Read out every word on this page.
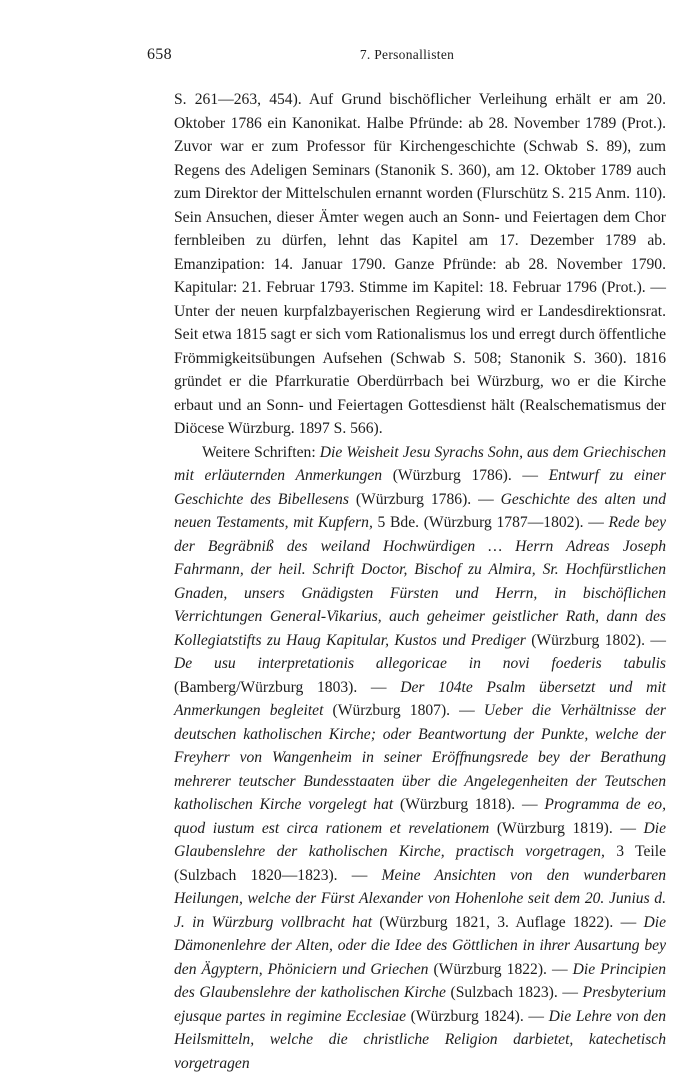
658	7. Personallisten

S. 261—263, 454). Auf Grund bischöflicher Verleihung erhält er am 20. Oktober 1786 ein Kanonikat. Halbe Pfründe: ab 28. November 1789 (Prot.). Zuvor war er zum Professor für Kirchengeschichte (Schwab S. 89), zum Regens des Adeligen Seminars (Stanonik S. 360), am 12. Oktober 1789 auch zum Direktor der Mittelschulen ernannt worden (Flurschütz S. 215 Anm. 110). Sein Ansuchen, dieser Ämter wegen auch an Sonn- und Feiertagen dem Chor fernbleiben zu dürfen, lehnt das Kapitel am 17. Dezember 1789 ab. Emanzipation: 14. Januar 1790. Ganze Pfründe: ab 28. November 1790. Kapitular: 21. Februar 1793. Stimme im Kapitel: 18. Februar 1796 (Prot.). — Unter der neuen kurpfalzbayerischen Regierung wird er Landesdirektionsrat. Seit etwa 1815 sagt er sich vom Rationalismus los und erregt durch öffentliche Frömmigkeitsübungen Aufsehen (Schwab S. 508; Stanonik S. 360). 1816 gründet er die Pfarrkuratie Oberdürrbach bei Würzburg, wo er die Kirche erbaut und an Sonn- und Feiertagen Gottesdienst hält (Realschematismus der Diöcese Würzburg. 1897 S. 566).

Weitere Schriften: Die Weisheit Jesu Syrachs Sohn, aus dem Griechischen mit erläuternden Anmerkungen (Würzburg 1786). — Entwurf zu einer Geschichte des Bibellesens (Würzburg 1786). — Geschichte des alten und neuen Testaments, mit Kupfern, 5 Bde. (Würzburg 1787—1802). — Rede bey der Begräbniß des weiland Hochwürdigen … Herrn Adreas Joseph Fahrmann, der heil. Schrift Doctor, Bischof zu Almira, Sr. Hochfürstlichen Gnaden, unsers Gnädigsten Fürsten und Herrn, in bischöflichen Verrichtungen General-Vikarius, auch geheimer geistlicher Rath, dann des Kollegiatstifts zu Haug Kapitular, Kustos und Prediger (Würzburg 1802). — De usu interpretationis allegoricae in novi foederis tabulis (Bamberg/Würzburg 1803). — Der 104te Psalm übersetzt und mit Anmerkungen begleitet (Würzburg 1807). — Ueber die Verhältnisse der deutschen katholischen Kirche; oder Beantwortung der Punkte, welche der Freyherr von Wangenheim in seiner Eröffnungsrede bey der Berathung mehrerer teutscher Bundesstaaten über die Angelegenheiten der Teutschen katholischen Kirche vorgelegt hat (Würzburg 1818). — Programma de eo, quod iustum est circa rationem et revelationem (Würzburg 1819). — Die Glaubenslehre der katholischen Kirche, practisch vorgetragen, 3 Teile (Sulzbach 1820—1823). — Meine Ansichten von den wunderbaren Heilungen, welche der Fürst Alexander von Hohenlohe seit dem 20. Junius d. J. in Würzburg vollbracht hat (Würzburg 1821, 3. Auflage 1822). — Die Dämonenlehre der Alten, oder die Idee des Göttlichen in ihrer Ausartung bey den Ägyptern, Phöniciern und Griechen (Würzburg 1822). — Die Principien des Glaubenslehre der katholischen Kirche (Sulzbach 1823). — Presbyterium ejusque partes in regimine Ecclesiae (Würzburg 1824). — Die Lehre von den Heilsmitteln, welche die christliche Religion darbietet, katechetisch vorgetragen
